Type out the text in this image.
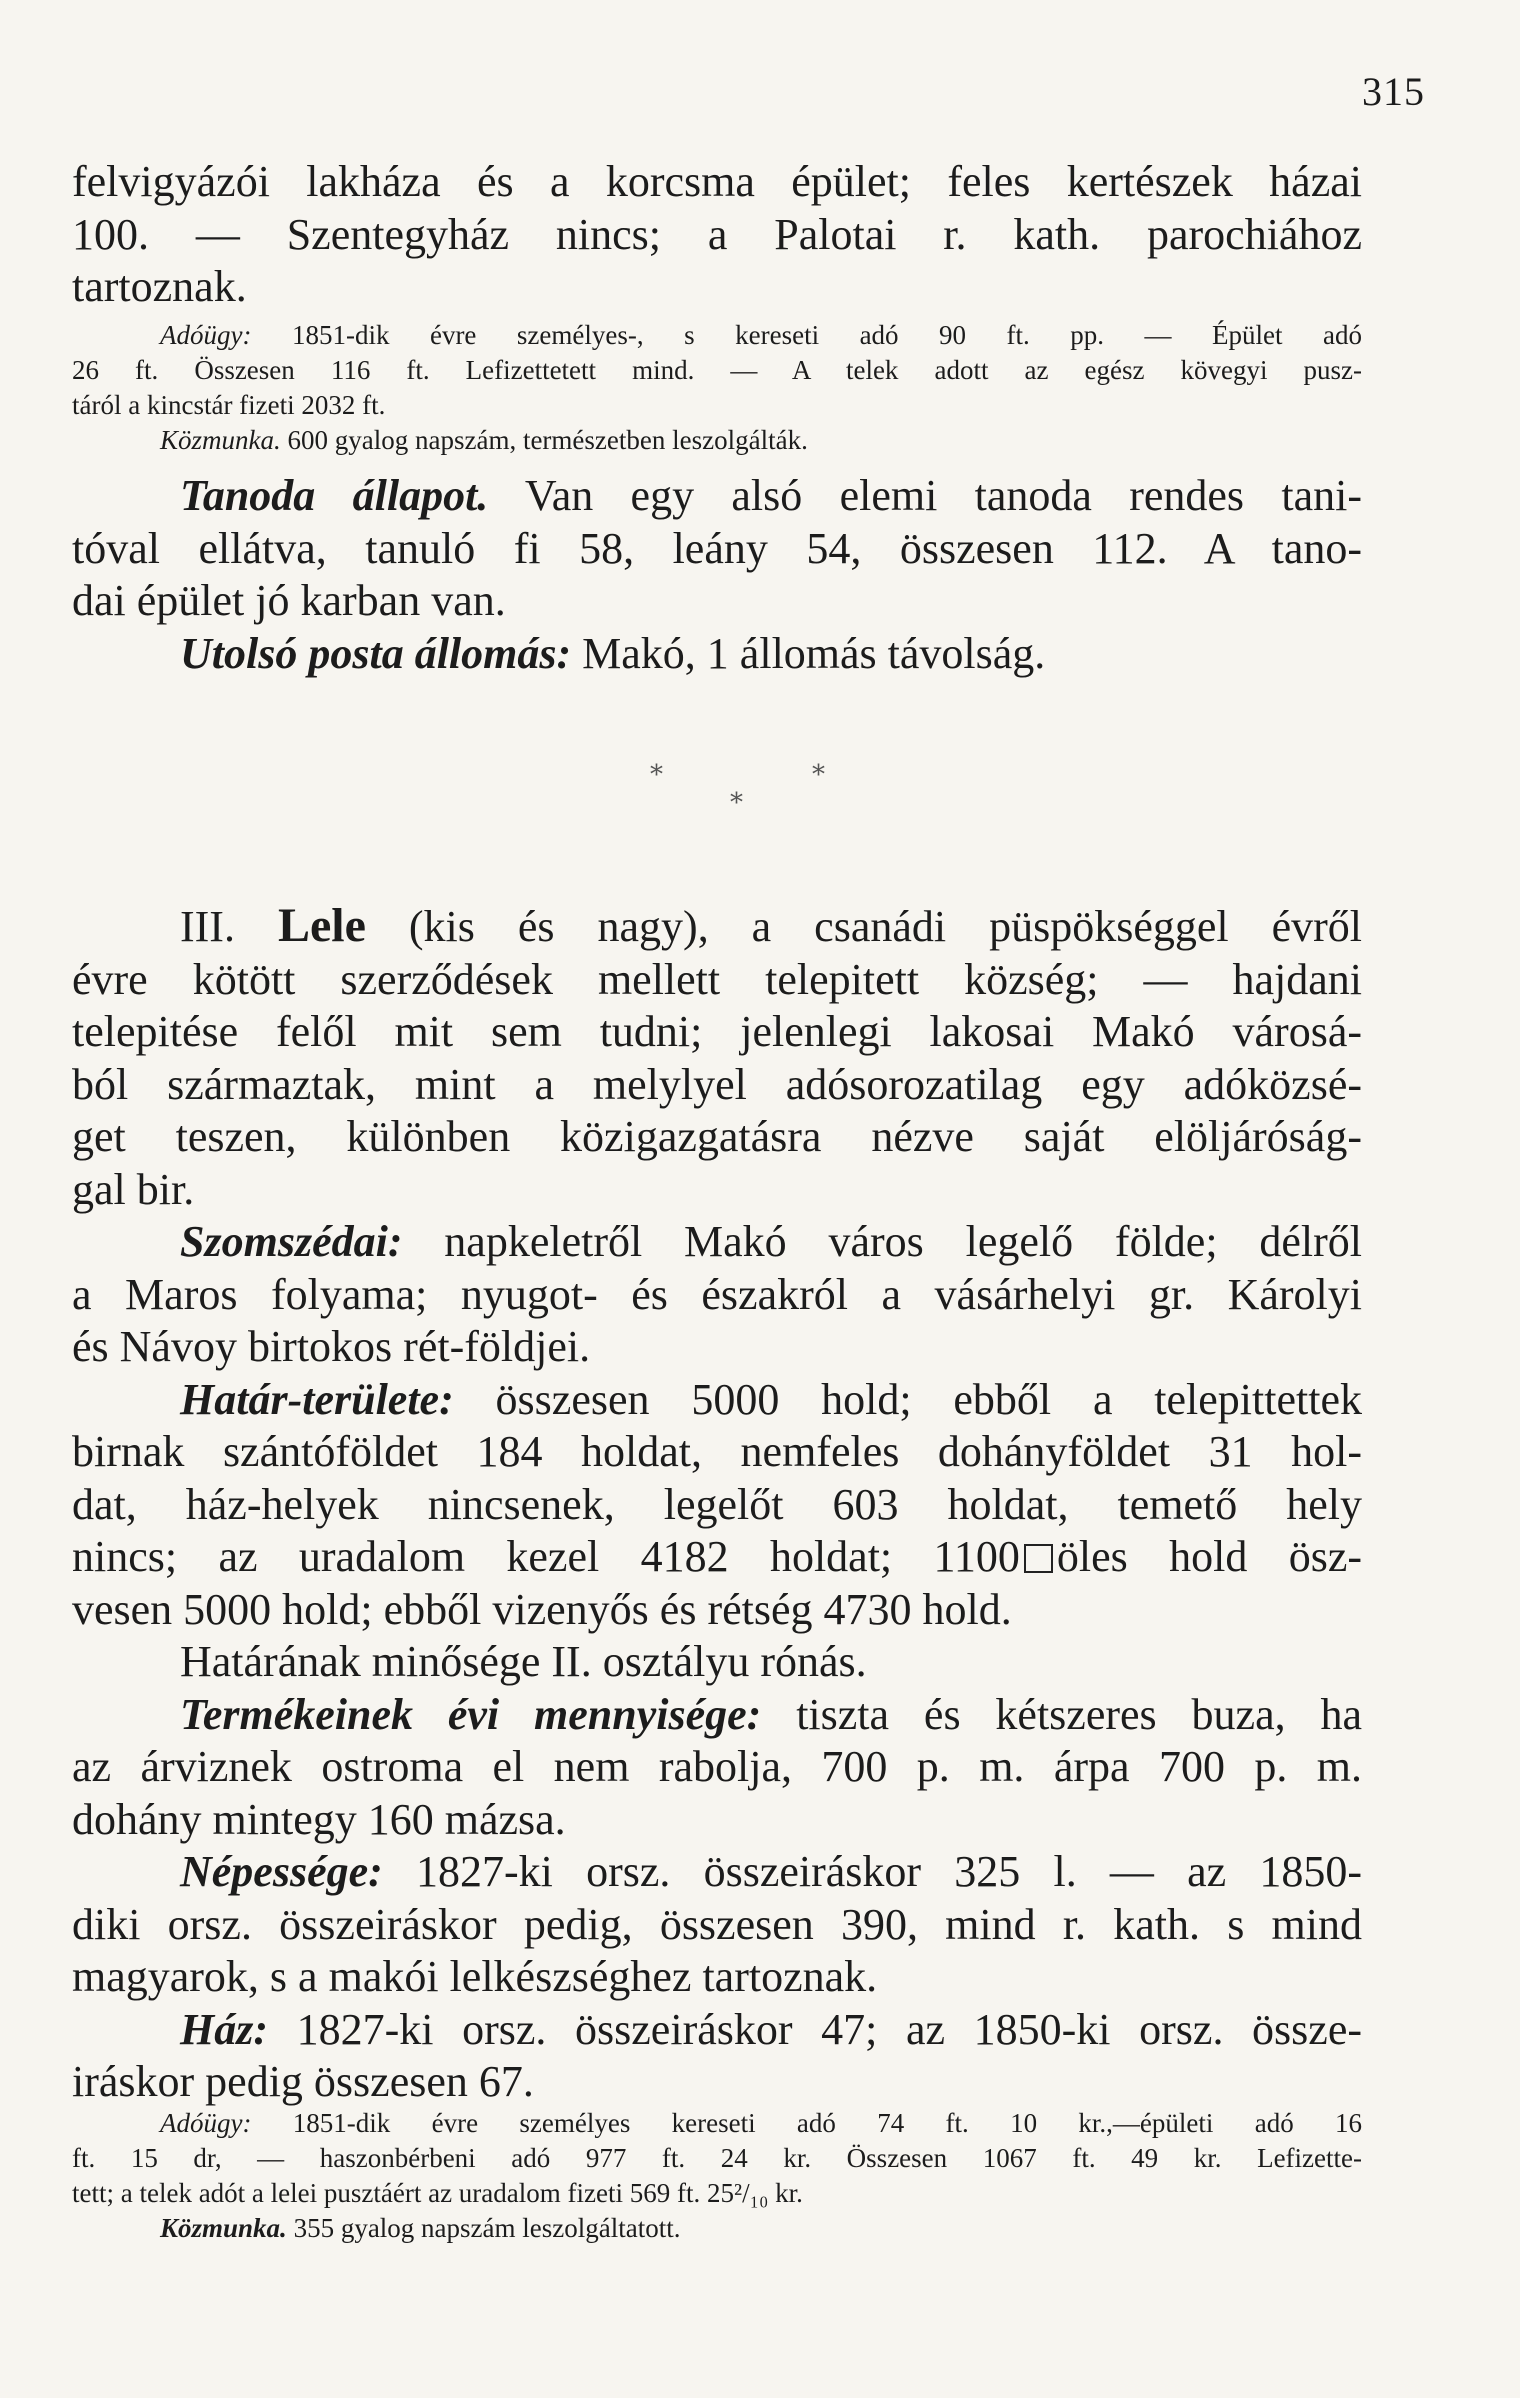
315
felvigyázói lakháza és a korcsma épület; feles kertészek házai
100. — Szentegyház nincs; a Palotai r. kath. parochiához
tartoznak.
Adóügy: 1851-dik évre személyes-, s kereseti adó 90 ft. pp. — Épület adó
26 ft. Összesen 116 ft. Lefizettetett mind. — A telek adott az egész kövegyi pusz-
táról a kincstár fizeti 2032 ft.
Közmunka. 600 gyalog napszám, természetben leszolgálták.
Tanoda állapot. Van egy alsó elemi tanoda rendes tani-
tóval ellátva, tanuló fi 58, leány 54, összesen 112. A tano-
dai épület jó karban van.
Utolsó posta állomás: Makó, 1 állomás távolság.
*	*
*
III. Lele (kis és nagy), a csanádi püspökséggel évről
évre kötött szerződések mellett telepitett község; — hajdani
telepitése felől mit sem tudni; jelenlegi lakosai Makó városá-
ból származtak, mint a melylyel adósorozatilag egy adóközsé-
get teszen, különben közigazgatásra nézve saját elöljáróság-
gal bir.
Szomszédai: napkeletről Makó város legelő földe; délről
a Maros folyama; nyugot- és északról a vásárhelyi gr. Károlyi
és Návoy birtokos rét-földjei.
Határ-területe: összesen 5000 hold; ebből a telepittettek
birnak szántóföldet 184 holdat, nemfeles dohányföldet 31 hol-
dat, ház-helyek nincsenek, legelőt 603 holdat, temető hely
nincs; az uradalom kezel 4182 holdat; 1100 öles hold ösz-
vesen 5000 hold; ebből vizenyős és rétség 4730 hold.
Határának minősége II. osztályu rónás.
Termékeinek évi mennyisége: tiszta és kétszeres buza, ha
az árviznek ostroma el nem rabolja, 700 p. m. árpa 700 p. m.
dohány mintegy 160 mázsa.
Népessége: 1827-ki orsz. összeiráskor 325 l. — az 1850-
diki orsz. összeiráskor pedig, összesen 390, mind r. kath. s mind
magyarok, s a makói lelkészséghez tartoznak.
Ház: 1827-ki orsz. összeiráskor 47; az 1850-ki orsz. össze-
iráskor pedig összesen 67.
Adóügy: 1851-dik évre személyes kereseti adó 74 ft. 10 kr.,—épületi adó 16
ft. 15 dr, — haszonbérbeni adó 977 ft. 24 kr. Összesen 1067 ft. 49 kr. Lefizette-
tett; a telek adót a lelei pusztáért az uradalom fizeti 569 ft. 25²/₁₀ kr.
Közmunka. 355 gyalog napszám leszolgáltatott.
